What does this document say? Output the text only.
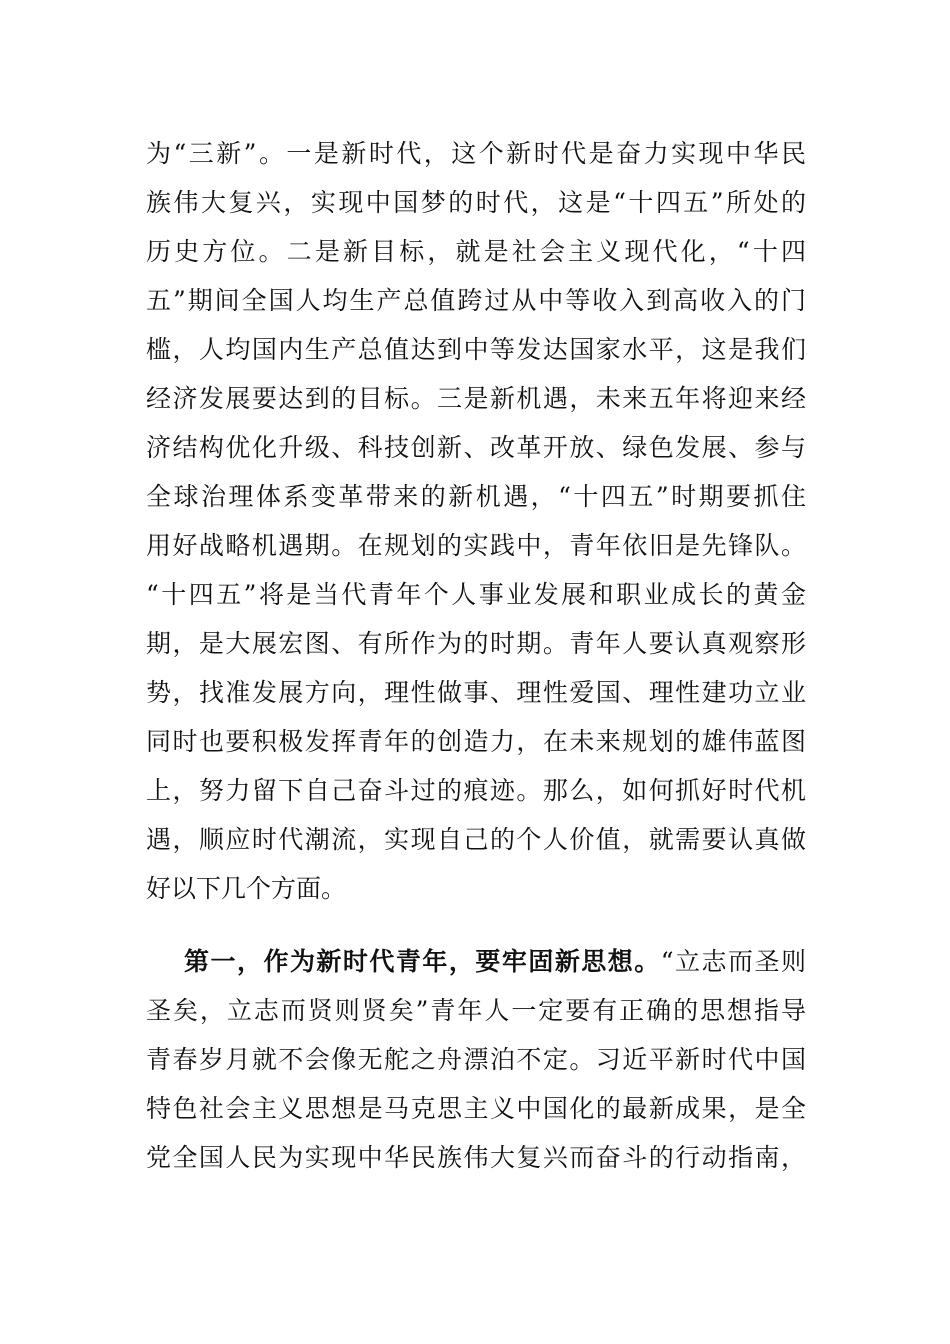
为“三新”。一是新时代，这个新时代是奋力实现中华民
族伟大复兴，实现中国梦的时代，这是“十四五”所处的
历史方位。二是新目标，就是社会主义现代化，“十四
五”期间全国人均生产总值跨过从中等收入到高收入的门
槛，人均国内生产总值达到中等发达国家水平，这是我们
经济发展要达到的目标。三是新机遇，未来五年将迎来经
济结构优化升级、科技创新、改革开放、绿色发展、参与
全球治理体系变革带来的新机遇，“十四五”时期要抓住
用好战略机遇期。在规划的实践中，青年依旧是先锋队。
“十四五”将是当代青年个人事业发展和职业成长的黄金
期，是大展宏图、有所作为的时期。青年人要认真观察形
势，找准发展方向，理性做事、理性爱国、理性建功立业
同时也要积极发挥青年的创造力，在未来规划的雄伟蓝图
上，努力留下自己奋斗过的痕迹。那么，如何抓好时代机
遇，顺应时代潮流，实现自己的个人价值，就需要认真做
好以下几个方面。
第一，作为新时代青年，要牢固新思想。“立志而圣则
圣矣，立志而贤则贤矣”青年人一定要有正确的思想指导
青春岁月就不会像无舵之舟漂泊不定。习近平新时代中国
特色社会主义思想是马克思主义中国化的最新成果，是全
党全国人民为实现中华民族伟大复兴而奋斗的行动指南，
